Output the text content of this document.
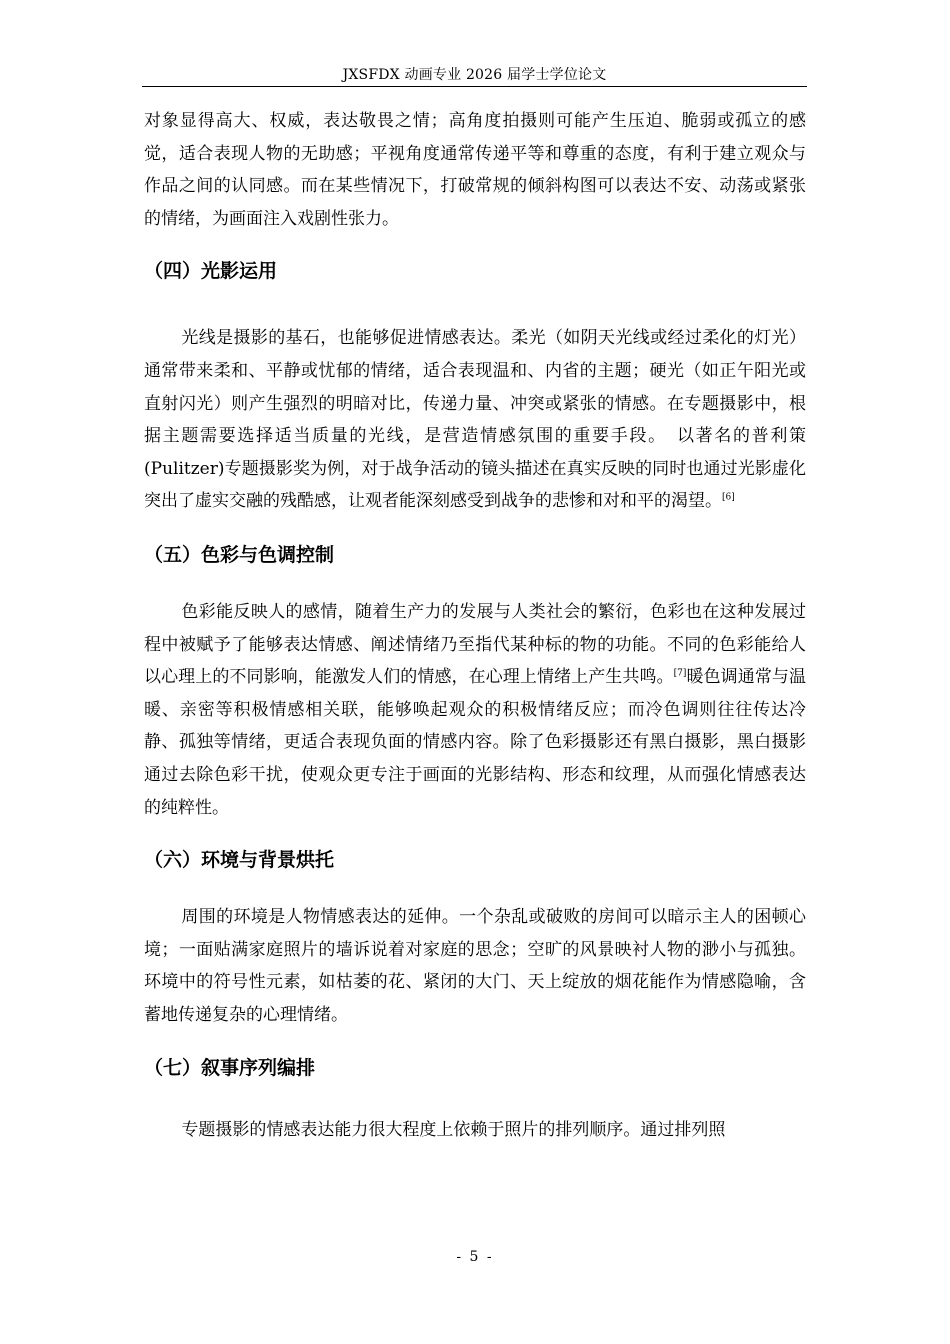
JXSFDX 动画专业 2026 届学士学位论文

对象显得高大、权威，表达敬畏之情；高角度拍摄则可能产生压迫、脆弱或孤立的感觉，适合表现人物的无助感；平视角度通常传递平等和尊重的态度，有利于建立观众与作品之间的认同感。而在某些情况下，打破常规的倾斜构图可以表达不安、动荡或紧张的情绪，为画面注入戏剧性张力。

（四）光影运用

光线是摄影的基石，也能够促进情感表达。柔光（如阴天光线或经过柔化的灯光）通常带来柔和、平静或忧郁的情绪，适合表现温和、内省的主题；硬光（如正午阳光或直射闪光）则产生强烈的明暗对比，传递力量、冲突或紧张的情感。在专题摄影中，根据主题需要选择适当质量的光线，是营造情感氛围的重要手段。　以著名的普利策(Pulitzer)专题摄影奖为例，对于战争活动的镜头描述在真实反映的同时也通过光影虚化突出了虚实交融的残酷感，让观者能深刻感受到战争的悲惨和对和平的渴望。[6]

（五）色彩与色调控制

色彩能反映人的感情，随着生产力的发展与人类社会的繁衍，色彩也在这种发展过程中被赋予了能够表达情感、阐述情绪乃至指代某种标的物的功能。不同的色彩能给人以心理上的不同影响，能激发人们的情感，在心理上情绪上产生共鸣。[7]暖色调通常与温暖、亲密等积极情感相关联，能够唤起观众的积极情绪反应；而冷色调则往往传达冷静、孤独等情绪，更适合表现负面的情感内容。除了色彩摄影还有黑白摄影，黑白摄影通过去除色彩干扰，使观众更专注于画面的光影结构、形态和纹理，从而强化情感表达的纯粹性。

（六）环境与背景烘托

周围的环境是人物情感表达的延伸。一个杂乱或破败的房间可以暗示主人的困顿心境；一面贴满家庭照片的墙诉说着对家庭的思念；空旷的风景映衬人物的渺小与孤独。环境中的符号性元素，如枯萎的花、紧闭的大门、天上绽放的烟花能作为情感隐喻，含蓄地传递复杂的心理情绪。

（七）叙事序列编排

专题摄影的情感表达能力很大程度上依赖于照片的排列顺序。通过排列照

- 5 -
